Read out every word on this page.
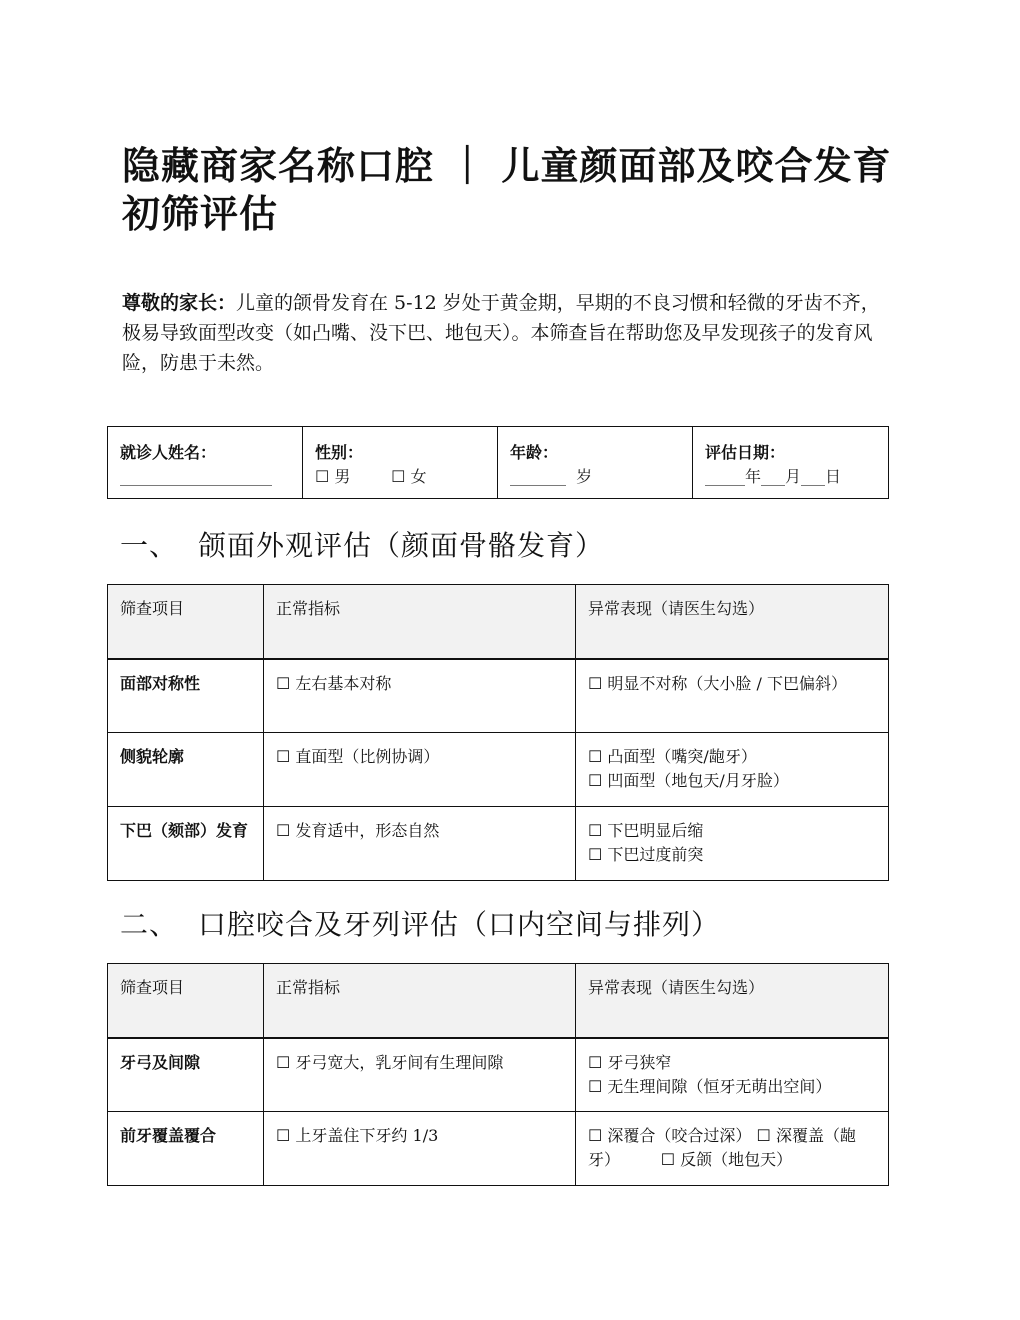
隐藏商家名称口腔 ｜ 儿童颜面部及咬合发育初筛评估
尊敬的家长：儿童的颌骨发育在 5-12 岁处于黄金期，早期的不良习惯和轻微的牙齿不齐，极易导致面型改变（如凸嘴、没下巴、地包天）。本筛查旨在帮助您及早发现孩子的发育风险，防患于未然。
就诊人姓名：
___________________

性别：
☐ 男        ☐ 女

年龄：
_______  岁

评估日期：
_____年___月___日
一、 颌面外观评估（颜面骨骼发育）
筛查项目	正常指标	异常表现（请医生勾选）
面部对称性	☐ 左右基本对称	☐ 明显不对称（大小脸 / 下巴偏斜）

侧貌轮廓	☐ 直面型（比例协调）	☐ 凸面型（嘴突/龅牙）
☐ 凹面型（地包天/月牙脸）

下巴（颏部）发育	☐ 发育适中，形态自然	☐ 下巴明显后缩
☐ 下巴过度前突
二、 口腔咬合及牙列评估（口内空间与排列）
筛查项目	正常指标	异常表现（请医生勾选）
牙弓及间隙	☐ 牙弓宽大，乳牙间有生理间隙	☐ 牙弓狭窄
☐ 无生理间隙（恒牙无萌出空间）

前牙覆盖覆合	☐ 上牙盖住下牙约 1/3	☐ 深覆合（咬合过深） ☐ 深覆盖（龅牙）        ☐ 反颌（地包天）
